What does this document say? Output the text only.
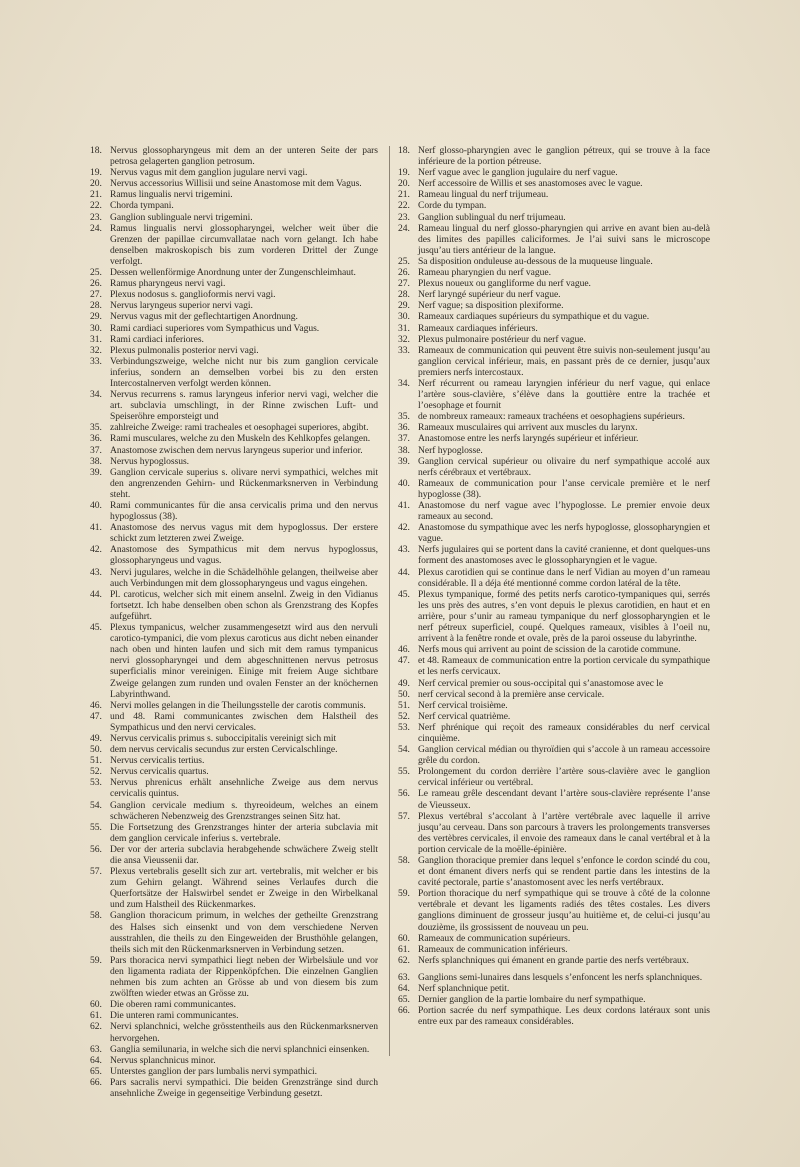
18. Nervus glossopharyngeus mit dem an der unteren Seite der pars petrosa gelagerten ganglion petrosum.
19. Nervus vagus mit dem ganglion jugulare nervi vagi.
20. Nervus accessorius Willisii und seine Anastomose mit dem Vagus.
21. Ramus lingualis nervi trigemini.
22. Chorda tympani.
23. Ganglion sublinguale nervi trigemini.
24. Ramus lingualis nervi glossopharyngei, welcher weit über die Grenzen der papillae circumvallatae nach vorn gelangt. Ich habe denselben makroskopisch bis zum vorderen Drittel der Zunge verfolgt.
25. Dessen wellenförmige Anordnung unter der Zungenschleimhaut.
26. Ramus pharyngeus nervi vagi.
27. Plexus nodosus s. ganglioformis nervi vagi.
28. Nervus laryngeus superior nervi vagi.
29. Nervus vagus mit der geflechtartigen Anordnung.
30. Rami cardiaci superiores vom Sympathicus und Vagus.
31. Rami cardiaci inferiores.
32. Plexus pulmonalis posterior nervi vagi.
33. Verbindungszweige, welche nicht nur bis zum ganglion cervicale inferius, sondern an demselben vorbei bis zu den ersten Intercostalnerven verfolgt werden können.
34. Nervus recurrens s. ramus laryngeus inferior nervi vagi, welcher die art. subclavia umschlingt, in der Rinne zwischen Luft- und Speiseröhre emporsteigt und
35. zahlreiche Zweige: rami tracheales et oesophagei superiores, abgibt.
36. Rami musculares, welche zu den Muskeln des Kehlkopfes gelangen.
37. Anastomose zwischen dem nervus laryngeus superior und inferior.
38. Nervus hypoglossus.
39. Ganglion cervicale superius s. olivare nervi sympathici, welches mit den angrenzenden Gehirn- und Rückenmarksnerven in Verbindung steht.
40. Rami communicantes für die ansa cervicalis prima und den nervus hypoglossus (38).
41. Anastomose des nervus vagus mit dem hypoglossus. Der erstere schickt zum letzteren zwei Zweige.
42. Anastomose des Sympathicus mit dem nervus hypoglossus, glossopharyngeus und vagus.
43. Nervi jugulares, welche in die Schädelhöhle gelangen, theilweise aber auch Verbindungen mit dem glossopharyngeus und vagus eingehen.
44. Pl. caroticus, welcher sich mit einem anselnl. Zweig in den Vidianus fortsetzt. Ich habe denselben oben schon als Grenzstrang des Kopfes aufgeführt.
45. Plexus tympanicus, welcher zusammengesetzt wird aus den nervuli carotico-tympanici, die vom plexus caroticus aus dicht neben einander nach oben und hinten laufen und sich mit dem ramus tympanicus nervi glossopharyngei und dem abgeschnittenen nervus petrosus superficialis minor vereinigen. Einige mit freiem Auge sichtbare Zweige gelangen zum runden und ovalen Fenster an der knöchernen Labyrinthwand.
46. Nervi molles gelangen in die Theilungsstelle der carotis communis.
47. und 48. Rami communicantes zwischen dem Halstheil des Sympathicus und den nervi cervicales.
49. Nervus cervicalis primus s. suboccipitalis vereinigt sich mit
50. dem nervus cervicalis secundus zur ersten Cervicalschlinge.
51. Nervus cervicalis tertius.
52. Nervus cervicalis quartus.
53. Nervus phrenicus erhält ansehnliche Zweige aus dem nervus cervicalis quintus.
54. Ganglion cervicale medium s. thyreoideum, welches an einem schwächeren Nebenzweig des Grenzstranges seinen Sitz hat.
55. Die Fortsetzung des Grenzstranges hinter der arteria subclavia mit dem ganglion cervicale inferius s. vertebrale.
56. Der vor der arteria subclavia herabgehende schwächere Zweig stellt die ansa Vieussenii dar.
57. Plexus vertebralis gesellt sich zur art. vertebralis, mit welcher er bis zum Gehirn gelangt. Während seines Verlaufes durch die Querfortsätze der Halswirbel sendet er Zweige in den Wirbelkanal und zum Halstheil des Rückenmarkes.
58. Ganglion thoracicum primum, in welches der getheilte Grenzstrang des Halses sich einsenkt und von dem verschiedene Nerven ausstrahlen, die theils zu den Eingeweiden der Brusthöhle gelangen, theils sich mit den Rückenmarksnerven in Verbindung setzen.
59. Pars thoracica nervi sympathici liegt neben der Wirbelsäule und vor den ligamenta radiata der Rippenköpfchen. Die einzelnen Ganglien nehmen bis zum achten an Grösse ab und von diesem bis zum zwölften wieder etwas an Grösse zu.
60. Die oberen rami communicantes.
61. Die unteren rami communicantes.
62. Nervi splanchnici, welche grösstentheils aus den Rückenmarksnerven hervorgehen.
63. Ganglia semilunaria, in welche sich die nervi splanchnici einsenken.
64. Nervus splanchnicus minor.
65. Unterstes ganglion der pars lumbalis nervi sympathici.
66. Pars sacralis nervi sympathici. Die beiden Grenzstränge sind durch ansehnliche Zweige in gegenseitige Verbindung gesetzt.
18. Nerf glosso-pharyngien avec le ganglion pétreux, qui se trouve à la face inférieure de la portion pétreuse.
19. Nerf vague avec le ganglion jugulaire du nerf vague.
20. Nerf accessoire de Willis et ses anastomoses avec le vague.
21. Rameau lingual du nerf trijumeau.
22. Corde du tympan.
23. Ganglion sublingual du nerf trijumeau.
24. Rameau lingual du nerf glosso-pharyngien qui arrive en avant bien au-delà des limites des papilles caliciformes. Je l’ai suivi sans le microscope jusqu’au tiers antérieur de la langue.
25. Sa disposition onduleuse au-dessous de la muqueuse linguale.
26. Rameau pharyngien du nerf vague.
27. Plexus noueux ou gangliforme du nerf vague.
28. Nerf laryngé supérieur du nerf vague.
29. Nerf vague; sa disposition plexiforme.
30. Rameaux cardiaques supérieurs du sympathique et du vague.
31. Rameaux cardiaques inférieurs.
32. Plexus pulmonaire postérieur du nerf vague.
33. Rameaux de communication qui peuvent être suivis non-seulement jusqu’au ganglion cervical inférieur, mais, en passant près de ce dernier, jusqu’aux premiers nerfs intercostaux.
34. Nerf récurrent ou rameau laryngien inférieur du nerf vague, qui enlace l’artère sous-clavière, s’élève dans la gouttière entre la trachée et l’oesophage et fournit
35. de nombreux rameaux: rameaux trachéens et oesophagiens supérieurs.
36. Rameaux musculaires qui arrivent aux muscles du larynx.
37. Anastomose entre les nerfs laryngés supérieur et inférieur.
38. Nerf hypoglosse.
39. Ganglion cervical supérieur ou olivaire du nerf sympathique accolé aux nerfs cérébraux et vertébraux.
40. Rameaux de communication pour l’anse cervicale première et le nerf hypoglosse (38).
41. Anastomose du nerf vague avec l’hypoglosse. Le premier envoie deux rameaux au second.
42. Anastomose du sympathique avec les nerfs hypoglosse, glossopharyngien et vague.
43. Nerfs jugulaires qui se portent dans la cavité cranienne, et dont quelques-uns forment des anastomoses avec le glossopharyngien et le vague.
44. Plexus carotidien qui se continue dans le nerf Vidian au moyen d’un rameau considérable. Il a déja été mentionné comme cordon latéral de la tête.
45. Plexus tympanique, formé des petits nerfs carotico-tympaniques qui, serrés les uns près des autres, s’en vont depuis le plexus carotidien, en haut et en arrière, pour s’unir au rameau tympanique du nerf glossopharyngien et le nerf pétreux superficiel, coupé. Quelques rameaux, visibles à l’oeil nu, arrivent à la fenêtre ronde et ovale, près de la paroi osseuse du labyrinthe.
46. Nerfs mous qui arrivent au point de scission de la carotide commune.
47. et 48. Rameaux de communication entre la portion cervicale du sympathique et les nerfs cervicaux.
49. Nerf cervical premier ou sous-occipital qui s’anastomose avec le
50. nerf cervical second à la première anse cervicale.
51. Nerf cervical troisième.
52. Nerf cervical quatrième.
53. Nerf phrénique qui reçoit des rameaux considérables du nerf cervical cinquième.
54. Ganglion cervical médian ou thyroïdien qui s’accole à un rameau accessoire grêle du cordon.
55. Prolongement du cordon derrière l’artère sous-clavière avec le ganglion cervical inférieur ou vertébral.
56. Le rameau grêle descendant devant l’artère sous-clavière représente l’anse de Vieusseux.
57. Plexus vertébral s’accolant à l’artère vertébrale avec laquelle il arrive jusqu’au cerveau. Dans son parcours à travers les prolongements transverses des vertèbres cervicales, il envoie des rameaux dans le canal vertébral et à la portion cervicale de la moëlle-épinière.
58. Ganglion thoracique premier dans lequel s’enfonce le cordon scindé du cou, et dont émanent divers nerfs qui se rendent partie dans les intestins de la cavité pectorale, partie s’anastomosent avec les nerfs vertébraux.
59. Portion thoracique du nerf sympathique qui se trouve à côté de la colonne vertébrale et devant les ligaments radiés des têtes costales. Les divers ganglions diminuent de grosseur jusqu’au huitième et, de celui-ci jusqu’au douzième, ils grossissent de nouveau un peu.
60. Rameaux de communication supérieurs.
61. Rameaux de communication inférieurs.
62. Nerfs splanchniques qui émanent en grande partie des nerfs vertébraux.
63. Ganglions semi-lunaires dans lesquels s’enfoncent les nerfs splanchniques.
64. Nerf splanchnique petit.
65. Dernier ganglion de la partie lombaire du nerf sympathique.
66. Portion sacrée du nerf sympathique. Les deux cordons latéraux sont unis entre eux par des rameaux considérables.
